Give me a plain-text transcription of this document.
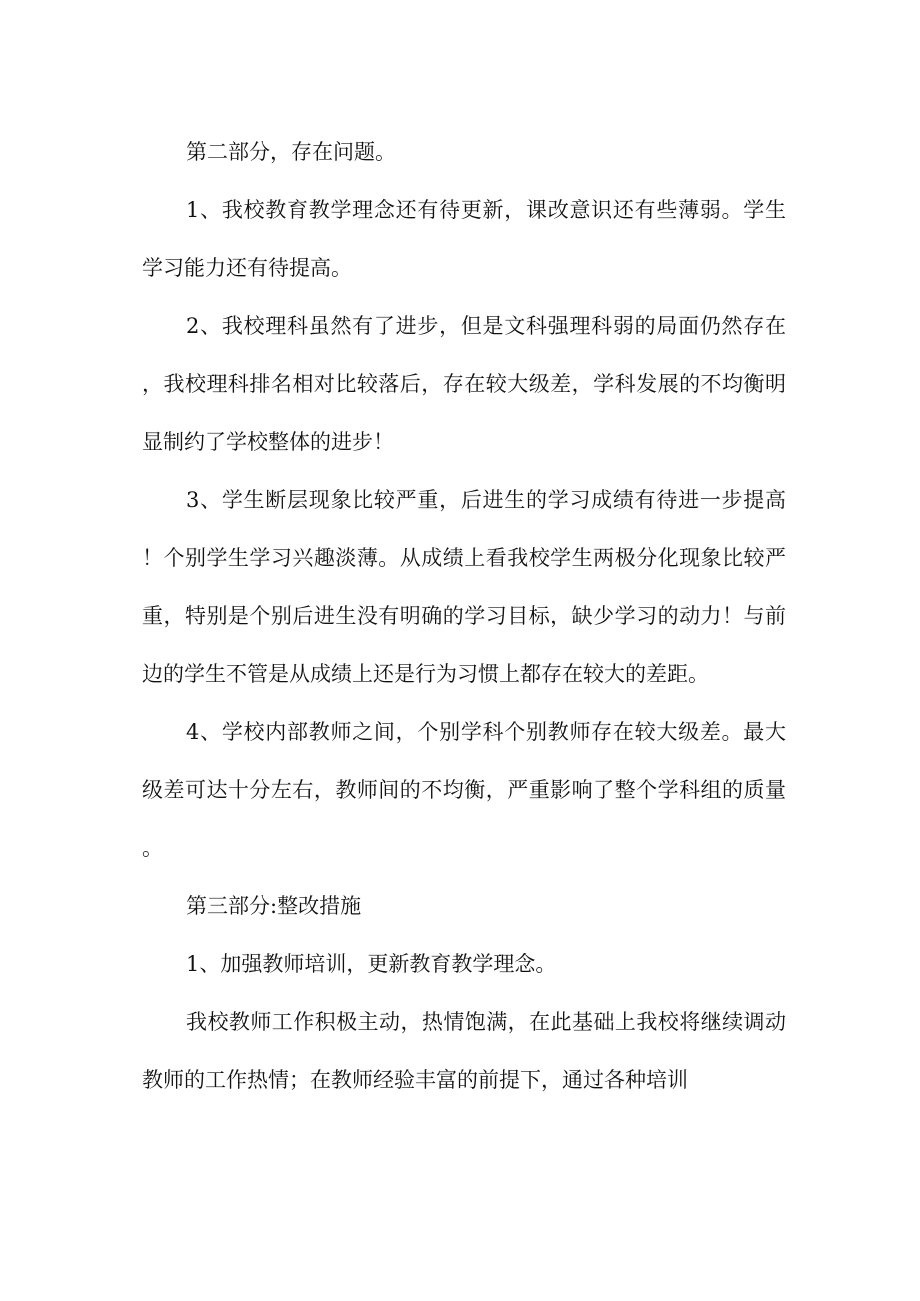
第二部分，存在问题。

1、我校教育教学理念还有待更新，课改意识还有些薄弱。学生学习能力还有待提高。

2、我校理科虽然有了进步，但是文科强理科弱的局面仍然存在，我校理科排名相对比较落后，存在较大级差，学科发展的不均衡明显制约了学校整体的进步！

3、学生断层现象比较严重，后进生的学习成绩有待进一步提高！个别学生学习兴趣淡薄。从成绩上看我校学生两极分化现象比较严重，特别是个别后进生没有明确的学习目标，缺少学习的动力！与前边的学生不管是从成绩上还是行为习惯上都存在较大的差距。

4、学校内部教师之间，个别学科个别教师存在较大级差。最大级差可达十分左右，教师间的不均衡，严重影响了整个学科组的质量。

第三部分:整改措施

1、加强教师培训，更新教育教学理念。

我校教师工作积极主动，热情饱满，在此基础上我校将继续调动教师的工作热情；在教师经验丰富的前提下，通过各种培训
